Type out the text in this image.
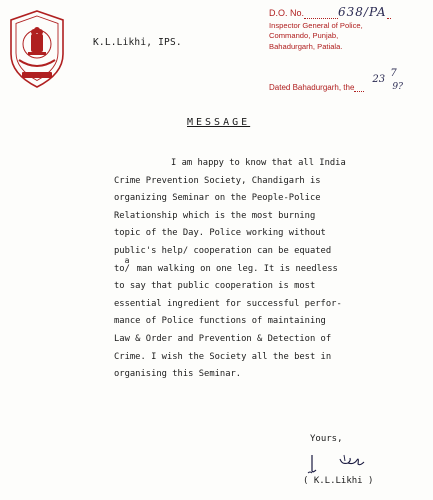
K.L.Likhi, IPS.
D.O. No.	638/PA
Inspector General of Police,
Commando, Punjab,
Bahadurgarh, Patiala.
Dated Bahadurgarh, the
23
7
9?
MESSAGE
I am happy to know that all India
Crime Prevention Society, Chandigarh is
organizing Seminar on the People-Police
Relationship which is the most burning
topic of the Day. Police working without
public's help/ cooperation can be equated
to
a
/ man walking on one leg. It is needless
to say that public cooperation is most
essential ingredient for successful perfor-
mance of Police functions of maintaining
Law & Order and Prevention & Detection of
Crime. I wish the Society all the best in
organising this Seminar.
Yours,
( K.L.Likhi )
